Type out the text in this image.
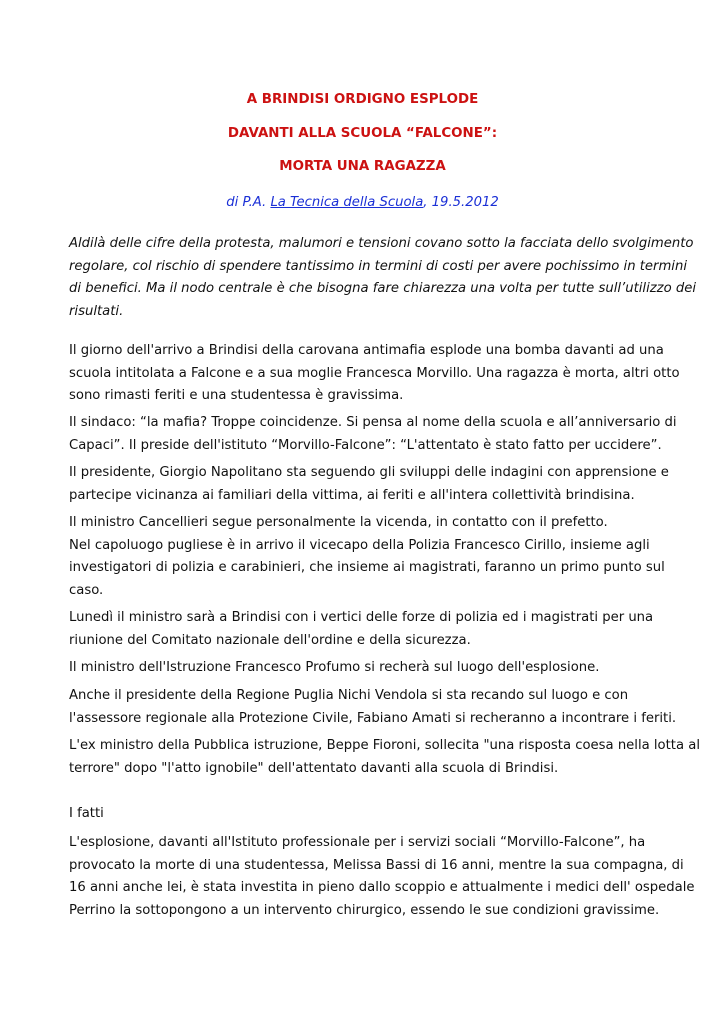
A BRINDISI ORDIGNO ESPLODE
DAVANTI ALLA SCUOLA “FALCONE”:
MORTA UNA RAGAZZA
di P.A. La Tecnica della Scuola, 19.5.2012
Aldilà delle cifre della protesta, malumori e tensioni covano sotto la facciata dello svolgimento
regolare, col rischio di spendere tantissimo in termini di costi per avere pochissimo in termini
di benefici. Ma il nodo centrale è che bisogna fare chiarezza una volta per tutte sull’utilizzo dei
risultati.
Il giorno dell'arrivo a Brindisi della carovana antimafia esplode una bomba davanti ad una
scuola intitolata a Falcone e a sua moglie Francesca Morvillo. Una ragazza è morta, altri otto
sono rimasti feriti e una studentessa è gravissima.
Il sindaco: “la mafia? Troppe coincidenze. Si pensa al nome della scuola e all’anniversario di
Capaci”. Il preside dell'istituto “Morvillo-Falcone”: “L'attentato è stato fatto per uccidere”.
Il presidente, Giorgio Napolitano sta seguendo gli sviluppi delle indagini con apprensione e
partecipe vicinanza ai familiari della vittima, ai feriti e all'intera collettività brindisina.
Il ministro Cancellieri segue personalmente la vicenda, in contatto con il prefetto.
Nel capoluogo pugliese è in arrivo il vicecapo della Polizia Francesco Cirillo, insieme agli
investigatori di polizia e carabinieri, che insieme ai magistrati, faranno un primo punto sul
caso.
Lunedì il ministro sarà a Brindisi con i vertici delle forze di polizia ed i magistrati per una
riunione del Comitato nazionale dell'ordine e della sicurezza.
Il ministro dell'Istruzione Francesco Profumo si recherà sul luogo dell'esplosione.
Anche il presidente della Regione Puglia Nichi Vendola si sta recando sul luogo e con
l'assessore regionale alla Protezione Civile, Fabiano Amati si recheranno a incontrare i feriti.
L'ex ministro della Pubblica istruzione, Beppe Fioroni, sollecita "una risposta coesa nella lotta al
terrore" dopo "l'atto ignobile" dell'attentato davanti alla scuola di Brindisi.
I fatti
L'esplosione, davanti all'Istituto professionale per i servizi sociali “Morvillo-Falcone”, ha
provocato la morte di una studentessa, Melissa Bassi di 16 anni, mentre la sua compagna, di
16 anni anche lei, è stata investita in pieno dallo scoppio e attualmente i medici dell' ospedale
Perrino la sottopongono a un intervento chirurgico, essendo le sue condizioni gravissime.
